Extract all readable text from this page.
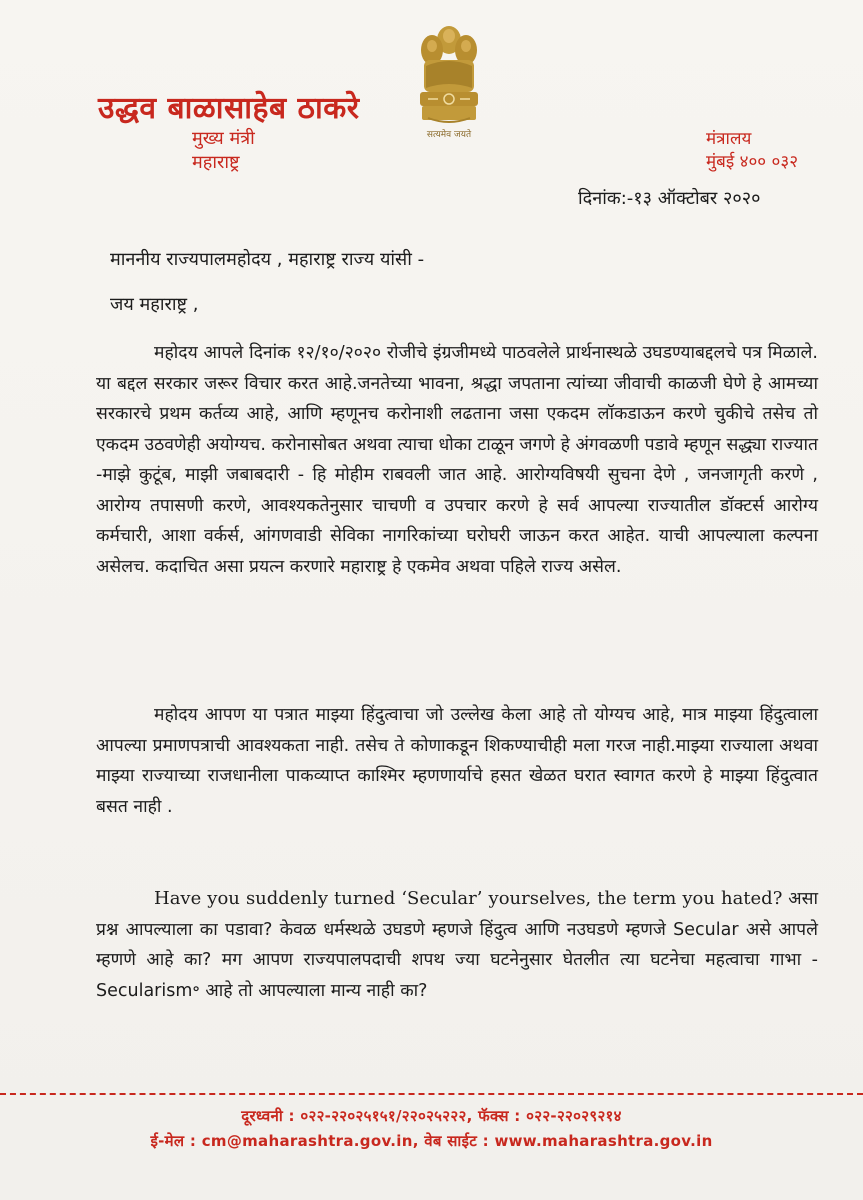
सत्यमेव जयते
उद्धव बाळासाहेब ठाकरे
मुख्य मंत्री
महाराष्ट्र
मंत्रालय
मुंबई ४०० ०३२
दिनांक:-१३ ऑक्टोबर २०२०
माननीय राज्यपालमहोदय , महाराष्ट्र राज्य यांसी -
जय महाराष्ट्र ,

महोदय आपले दिनांक १२/१०/२०२० रोजीचे इंग्रजीमध्ये पाठवलेले प्रार्थनास्थळे उघडण्याबद्दलचे पत्र मिळाले. या बद्दल सरकार जरूर विचार करत आहे.जनतेच्या भावना, श्रद्धा जपताना त्यांच्या जीवाची काळजी घेणे हे आमच्या सरकारचे प्रथम कर्तव्य आहे, आणि म्हणूनच करोनाशी लढताना जसा एकदम लॉकडाऊन करणे चुकीचे तसेच तो एकदम उठवणेही अयोग्यच. करोनासोबत अथवा त्याचा धोका टाळून जगणे हे अंगवळणी पडावे म्हणून सद्ध्या राज्यात -माझे कुटूंब, माझी जबाबदारी - हि मोहीम राबवली जात आहे. आरोग्यविषयी सुचना देणे , जनजागृती करणे , आरोग्य तपासणी करणे, आवश्यकतेनुसार चाचणी व उपचार करणे हे सर्व आपल्या राज्यातील डॉक्टर्स आरोग्य कर्मचारी, आशा वर्कर्स, आंगणवाडी सेविका नागरिकांच्या घरोघरी जाऊन करत आहेत. याची आपल्याला कल्पना असेलच. कदाचित असा प्रयत्न करणारे महाराष्ट्र हे एकमेव अथवा पहिले राज्य असेल.

महोदय आपण या पत्रात माझ्या हिंदुत्वाचा जो उल्लेख केला आहे तो योग्यच आहे, मात्र माझ्या हिंदुत्वाला आपल्या प्रमाणपत्राची आवश्यकता नाही. तसेच ते कोणाकडून शिकण्याचीही मला गरज नाही.माझ्या राज्याला अथवा माझ्या राज्याच्या राजधानीला पाकव्याप्त काश्मिर म्हणणार्याचे हसत खेळत घरात स्वागत करणे हे माझ्या हिंदुत्वात बसत नाही .

Have you suddenly turned ‘Secular’ yourselves, the term you hated? असा प्रश्न आपल्याला का पडावा? केवळ धर्मस्थळे उघडणे म्हणजे हिंदुत्व आणि नउघडणे म्हणजे Secular असे आपले म्हणणे आहे का? मग आपण राज्यपालपदाची शपथ ज्या घटनेनुसार घेतलीत त्या घटनेचा महत्वाचा गाभा -Secularism॰ आहे तो आपल्याला मान्य नाही का?

दूरध्वनी : ०२२-२२०२५१५१/२२०२५२२२, फॅक्स : ०२२-२२०२९२१४
ई-मेल : cm@maharashtra.gov.in, वेब साईट : www.maharashtra.gov.in
